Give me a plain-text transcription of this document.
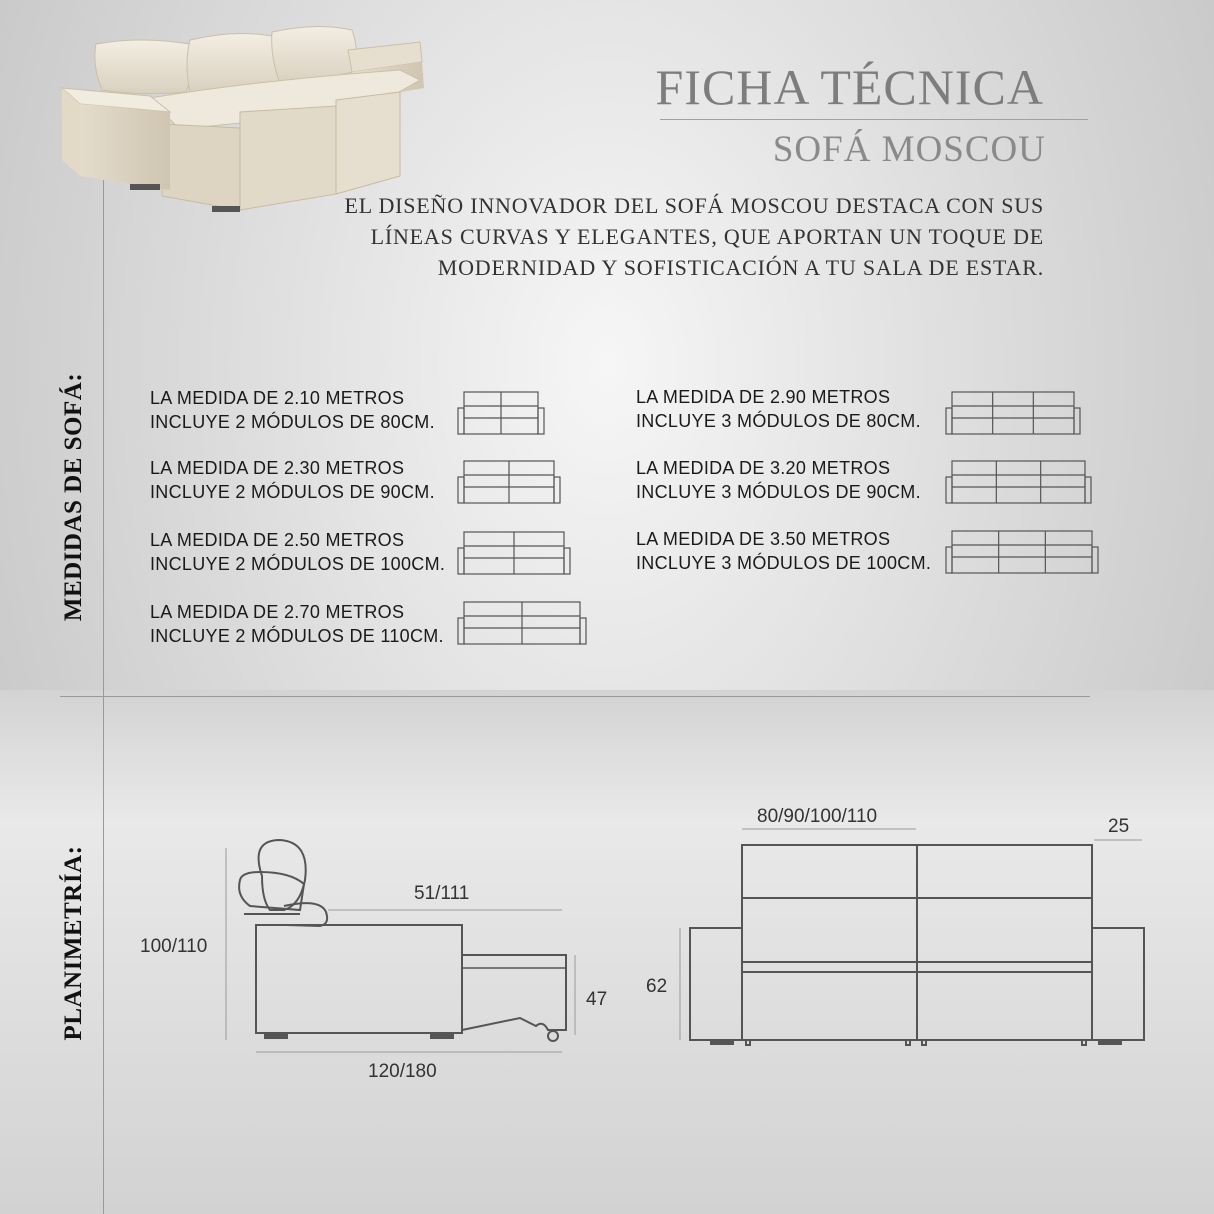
FICHA TÉCNICA
SOFÁ MOSCOU
EL DISEÑO INNOVADOR DEL SOFÁ MOSCOU DESTACA CON SUS LÍNEAS CURVAS Y ELEGANTES, QUE APORTAN UN TOQUE DE MODERNIDAD Y SOFISTICACIÓN A TU SALA DE ESTAR.
MEDIDAS DE SOFÁ:
PLANIMETRÍA:
LA MEDIDA DE 2.10 METROS
INCLUYE 2 MÓDULOS DE 80CM.
LA MEDIDA DE 2.30 METROS
INCLUYE 2 MÓDULOS DE 90CM.
LA MEDIDA DE 2.50 METROS
INCLUYE 2 MÓDULOS DE 100CM.
LA MEDIDA DE 2.70 METROS
INCLUYE 2 MÓDULOS DE 110CM.
LA MEDIDA DE 2.90 METROS
INCLUYE 3 MÓDULOS DE 80CM.
LA MEDIDA DE 3.20 METROS
INCLUYE 3 MÓDULOS DE 90CM.
LA MEDIDA DE 3.50 METROS
INCLUYE 3 MÓDULOS DE 100CM.
100/110
51/111
120/180
47
80/90/100/110	25
62
